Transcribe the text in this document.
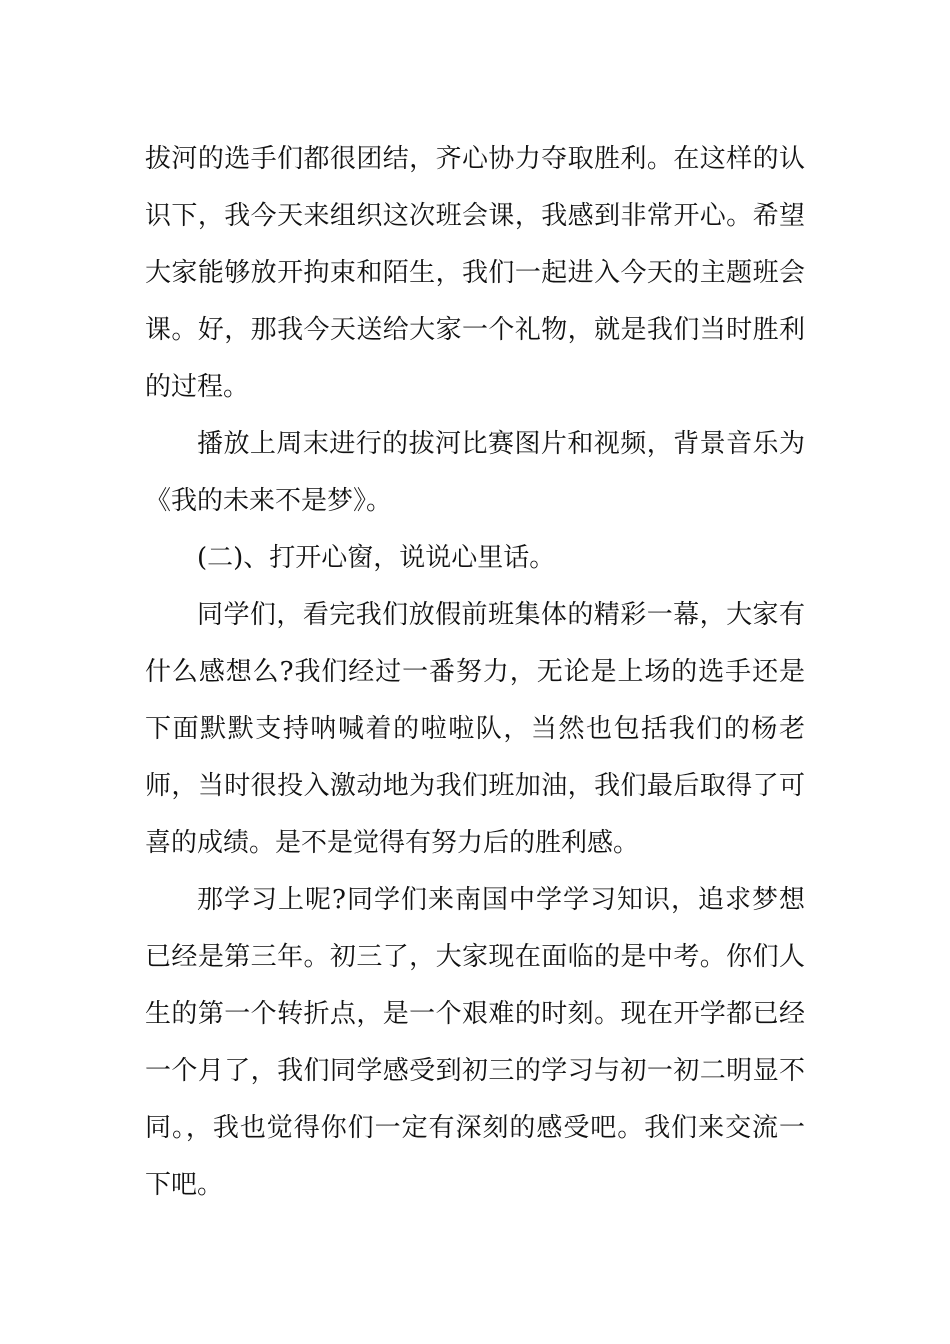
拔河的选手们都很团结，齐心协力夺取胜利。在这样的认识下，我今天来组织这次班会课，我感到非常开心。希望大家能够放开拘束和陌生，我们一起进入今天的主题班会课。好，那我今天送给大家一个礼物，就是我们当时胜利的过程。

播放上周末进行的拔河比赛图片和视频，背景音乐为《我的未来不是梦》。

(二)、打开心窗，说说心里话。

同学们，看完我们放假前班集体的精彩一幕，大家有什么感想么?我们经过一番努力，无论是上场的选手还是下面默默支持呐喊着的啦啦队，当然也包括我们的杨老师，当时很投入激动地为我们班加油，我们最后取得了可喜的成绩。是不是觉得有努力后的胜利感。

那学习上呢?同学们来南国中学学习知识，追求梦想已经是第三年。初三了，大家现在面临的是中考。你们人生的第一个转折点，是一个艰难的时刻。现在开学都已经一个月了，我们同学感受到初三的学习与初一初二明显不同。，我也觉得你们一定有深刻的感受吧。我们来交流一下吧。
